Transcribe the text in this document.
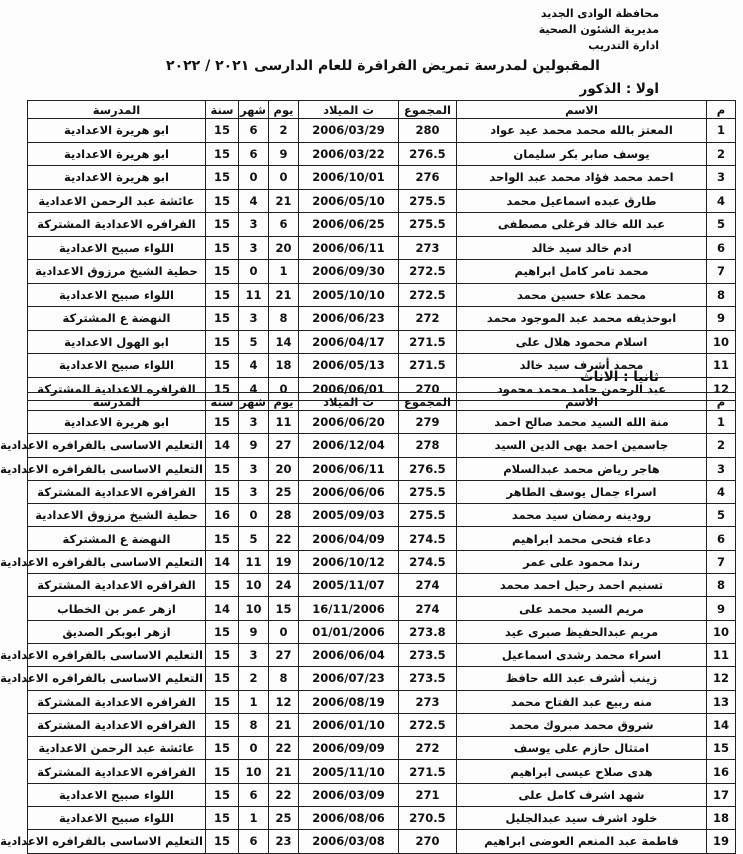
محافظة الوادى الجديد
مديرية الشئون الصحية
ادارة التدريب
المقبولين لمدرسة تمريض الفرافرة للعام الدارسى ٢٠٢١ / ٢٠٢٢
اولا : الذكور
م	الاسم	المجموع	ت الميلاد	يوم	شهر	سنة	المدرسة
1	المعتز بالله محمد محمد عيد عواد	280	2006/03/29	2	6	15	ابو هريرة الاعدادية
2	يوسف صابر بكر سليمان	276.5	2006/03/22	9	6	15	ابو هريرة الاعدادية
3	احمد محمد فؤاد محمد عبد الواحد	276	2006/10/01	0	0	15	ابو هريرة الاعدادية
4	طارق عبده اسماعيل محمد	275.5	2006/05/10	21	4	15	عائشة عبد الرحمن الاعدادية
5	عبد الله خالد فرغلى مصطفى	275.5	2006/06/25	6	3	15	الفرافره الاعدادية المشتركة
6	ادم خالد سيد خالد	273	2006/06/11	20	3	15	اللواء صبيح الاعدادية
7	محمد تامر كامل ابراهيم	272.5	2006/09/30	1	0	15	حطية الشيخ مرزوق الاعدادية
8	محمد علاء حسين محمد	272.5	2005/10/10	21	11	15	اللواء صبيح الاعدادية
9	ابوحذيفه محمد عبد الموجود محمد	272	2006/06/23	8	3	15	النهضة ع المشتركة
10	اسلام محمود هلال على	271.5	2006/04/17	14	5	15	ابو الهول الاعدادية
11	محمد أشرف سيد خالد	271.5	2006/05/13	18	4	15	اللواء صبيح الاعدادية
12	عبد الرحمن حامد محمد محمود	270	2006/06/01	0	4	15	الفرافره الاعدادية المشتركة
ثانيا : الاناث
م	الاسم	المجموع	ت الميلاد	يوم	شهر	سنة	المدرسة
1	منة الله السيد محمد صالح احمد	279	2006/06/20	11	3	15	ابو هريرة الاعدادية
2	جاسمين احمد بهى الدين السيد	278	2006/12/04	27	9	14	التعليم الاساسى بالفرافره الاعدادية
3	هاجر رياض محمد عبدالسلام	276.5	2006/06/11	20	3	15	التعليم الاساسى بالفرافره الاعدادية
4	اسراء جمال يوسف الطاهر	275.5	2006/06/06	25	3	15	الفرافره الاعدادية المشتركة
5	رودينه رمضان سيد محمد	275.5	2005/09/03	28	0	16	حطية الشيخ مرزوق الاعدادية
6	دعاء فتحى محمد ابراهيم	274.5	2006/04/09	22	5	15	النهضة ع المشتركة
7	رندا محمود على عمر	274.5	2006/10/12	19	11	14	التعليم الاساسى بالفرافره الاعدادية
8	تسنيم احمد رحيل احمد محمد	274	2005/11/07	24	10	15	الفرافره الاعدادية المشتركة
9	مريم السيد محمد على	274	16/11/2006	15	10	14	ازهر عمر بن الخطاب
10	مريم عبدالحفيظ صبرى عيد	273.8	01/01/2006	0	9	15	ازهر ابوبكر الصديق
11	اسراء محمد رشدى اسماعيل	273.5	2006/06/04	27	3	15	التعليم الاساسى بالفرافره الاعدادية
12	زينب أشرف عبد الله حافظ	273.5	2006/07/23	8	2	15	التعليم الاساسى بالفرافره الاعدادية
13	منه ربيع عبد الفتاح محمد	273	2006/08/19	12	1	15	الفرافره الاعدادية المشتركة
14	شروق محمد مبروك محمد	272.5	2006/01/10	21	8	15	الفرافره الاعدادية المشتركة
15	امتثال حازم على يوسف	272	2006/09/09	22	0	15	عائشة عبد الرحمن الاعدادية
16	هدى صلاح عيسى ابراهيم	271.5	2005/11/10	21	10	15	الفرافره الاعدادية المشتركة
17	شهد اشرف كامل على	271	2006/03/09	22	6	15	اللواء صبيح الاعدادية
18	خلود اشرف سيد عبدالجليل	270.5	2006/08/06	25	1	15	اللواء صبيح الاعدادية
19	فاطمة عبد المنعم العوضى ابراهيم	270	2006/03/08	23	6	15	التعليم الاساسى بالفرافره الاعدادية
